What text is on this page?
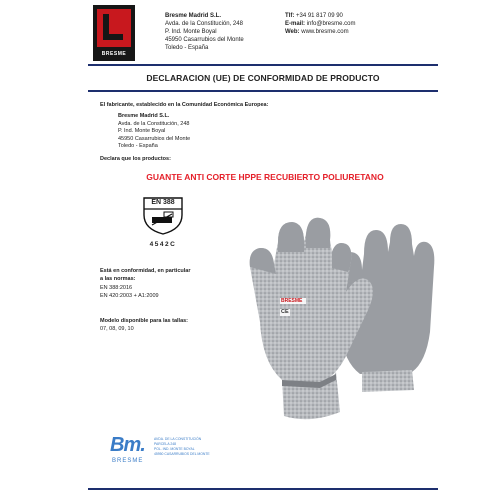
BRESME
Bresme Madrid S.L.
Avda. de la Constitución, 248
P. Ind. Monte Boyal
45950 Casarrubios del Monte
Toledo - España
Tlf: +34 91 817 09 90
E-mail: info@bresme.com
Web: www.bresme.com
DECLARACION (UE) DE CONFORMIDAD DE PRODUCTO
El fabricante, establecido en la Comunidad Económica Europea:
Bresme Madrid S.L.
Avda. de la Constitución, 248
P. Ind. Monte Boyal
45950 Casarrubios del Monte
Toledo - España
Declara que los productos:
GUANTE ANTI CORTE HPPE RECUBIERTO POLIURETANO
EN 388
4542C
Está en conformidad, en particular
a las normas:
EN 388:2016
EN 420:2003 + A1:2009
Modelo disponible para las tallas:
07, 08, 09, 10
BRESME
CE
Bm.
BRESME
AVDA. DE LA CONSTITUCIÓN
PARCELA 248
POL. IND. MONTE BOYAL
45950 CASARRUBIOS DEL MONTE
